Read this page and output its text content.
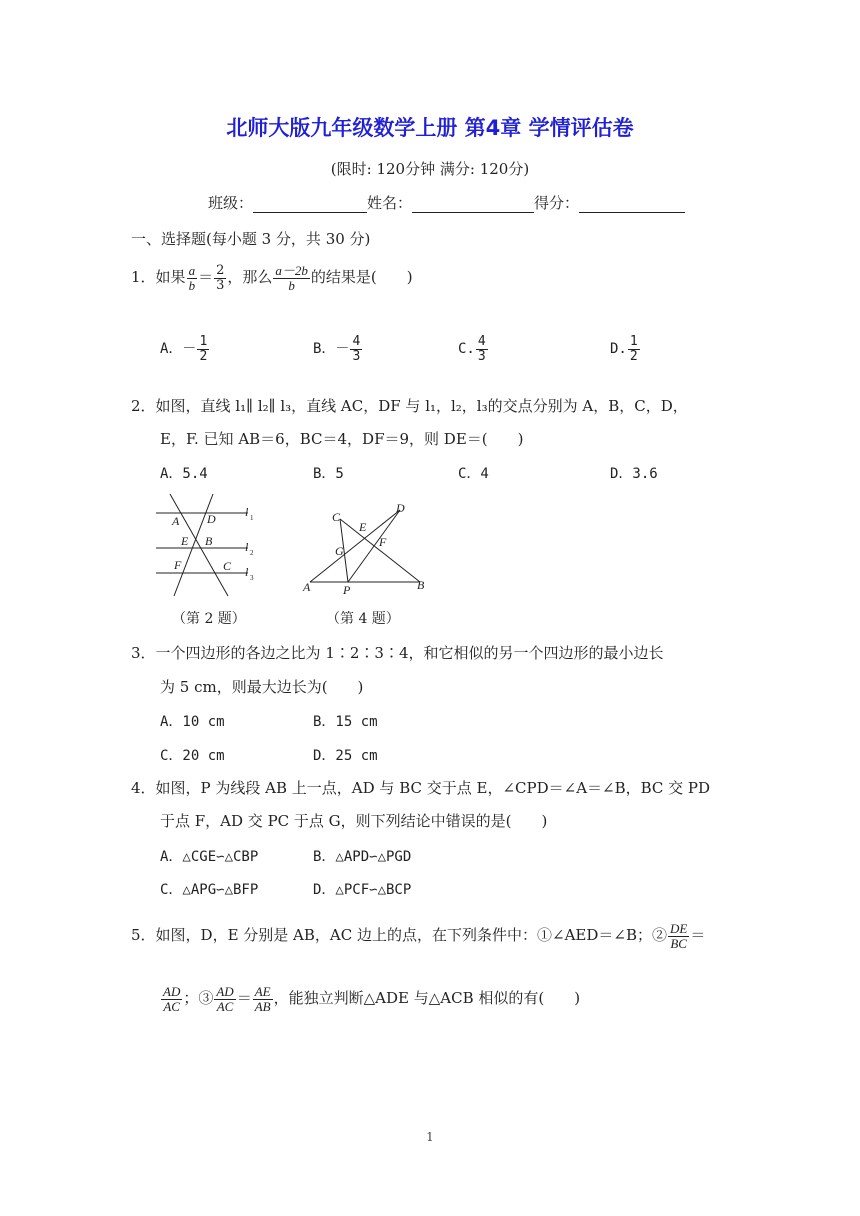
北师大版九年级数学上册 第4章 学情评估卷
(限时: 120分钟 满分: 120分)
班级：	姓名：	得分：
一、选择题(每小题 3 分，共 30 分)
1．如果 $\frac{a}{b} = \frac{2}{3}$ ，那么 $\frac{a-2b}{b}$ 的结果是(　　)
A．－ $\frac{1}{2}$	B．－ $\frac{4}{3}$	C. $\frac{4}{3}$	D. $\frac{1}{2}$
2．如图，直线 l₁∥ l₂∥ l₃，直线 AC，DF 与 l₁，l₂，l₃的交点分别为 A，B，C，D，
E，F. 已知 AB＝6，BC＝4，DF＝9，则 DE＝(　　)
A．5.4	B．5	C．4	D．3.6
A D
E B
F	C
l 1
l 2
l 3
（第 2 题）
C
D
E
F
G
A	P	B
（第 4 题）
3．一个四边形的各边之比为 1∶2∶3∶4，和它相似的另一个四边形的最小边长
为 5 cm，则最大边长为(　　)
A．10 cm	B．15 cm
C．20 cm	D．25 cm
4．如图，P 为线段 AB 上一点，AD 与 BC 交于点 E，∠CPD＝∠A＝∠B，BC 交 PD
于点 F，AD 交 PC 于点 G，则下列结论中错误的是(　　)
A．△CGE∽△CBP	B．△APD∽△PGD
C．△APG∽△BFP	D．△PCF∽△BCP
5．如图，D，E 分别是 AB，AC 边上的点，在下列条件中：①∠AED＝∠B；② $\frac{DE}{BC}$ ＝
$\frac{AD}{AC}$ ；③ $\frac{AD}{AC} = \frac{AE}{AB}$ ，能独立判断△ADE 与△ACB 相似的有(　　)
1
